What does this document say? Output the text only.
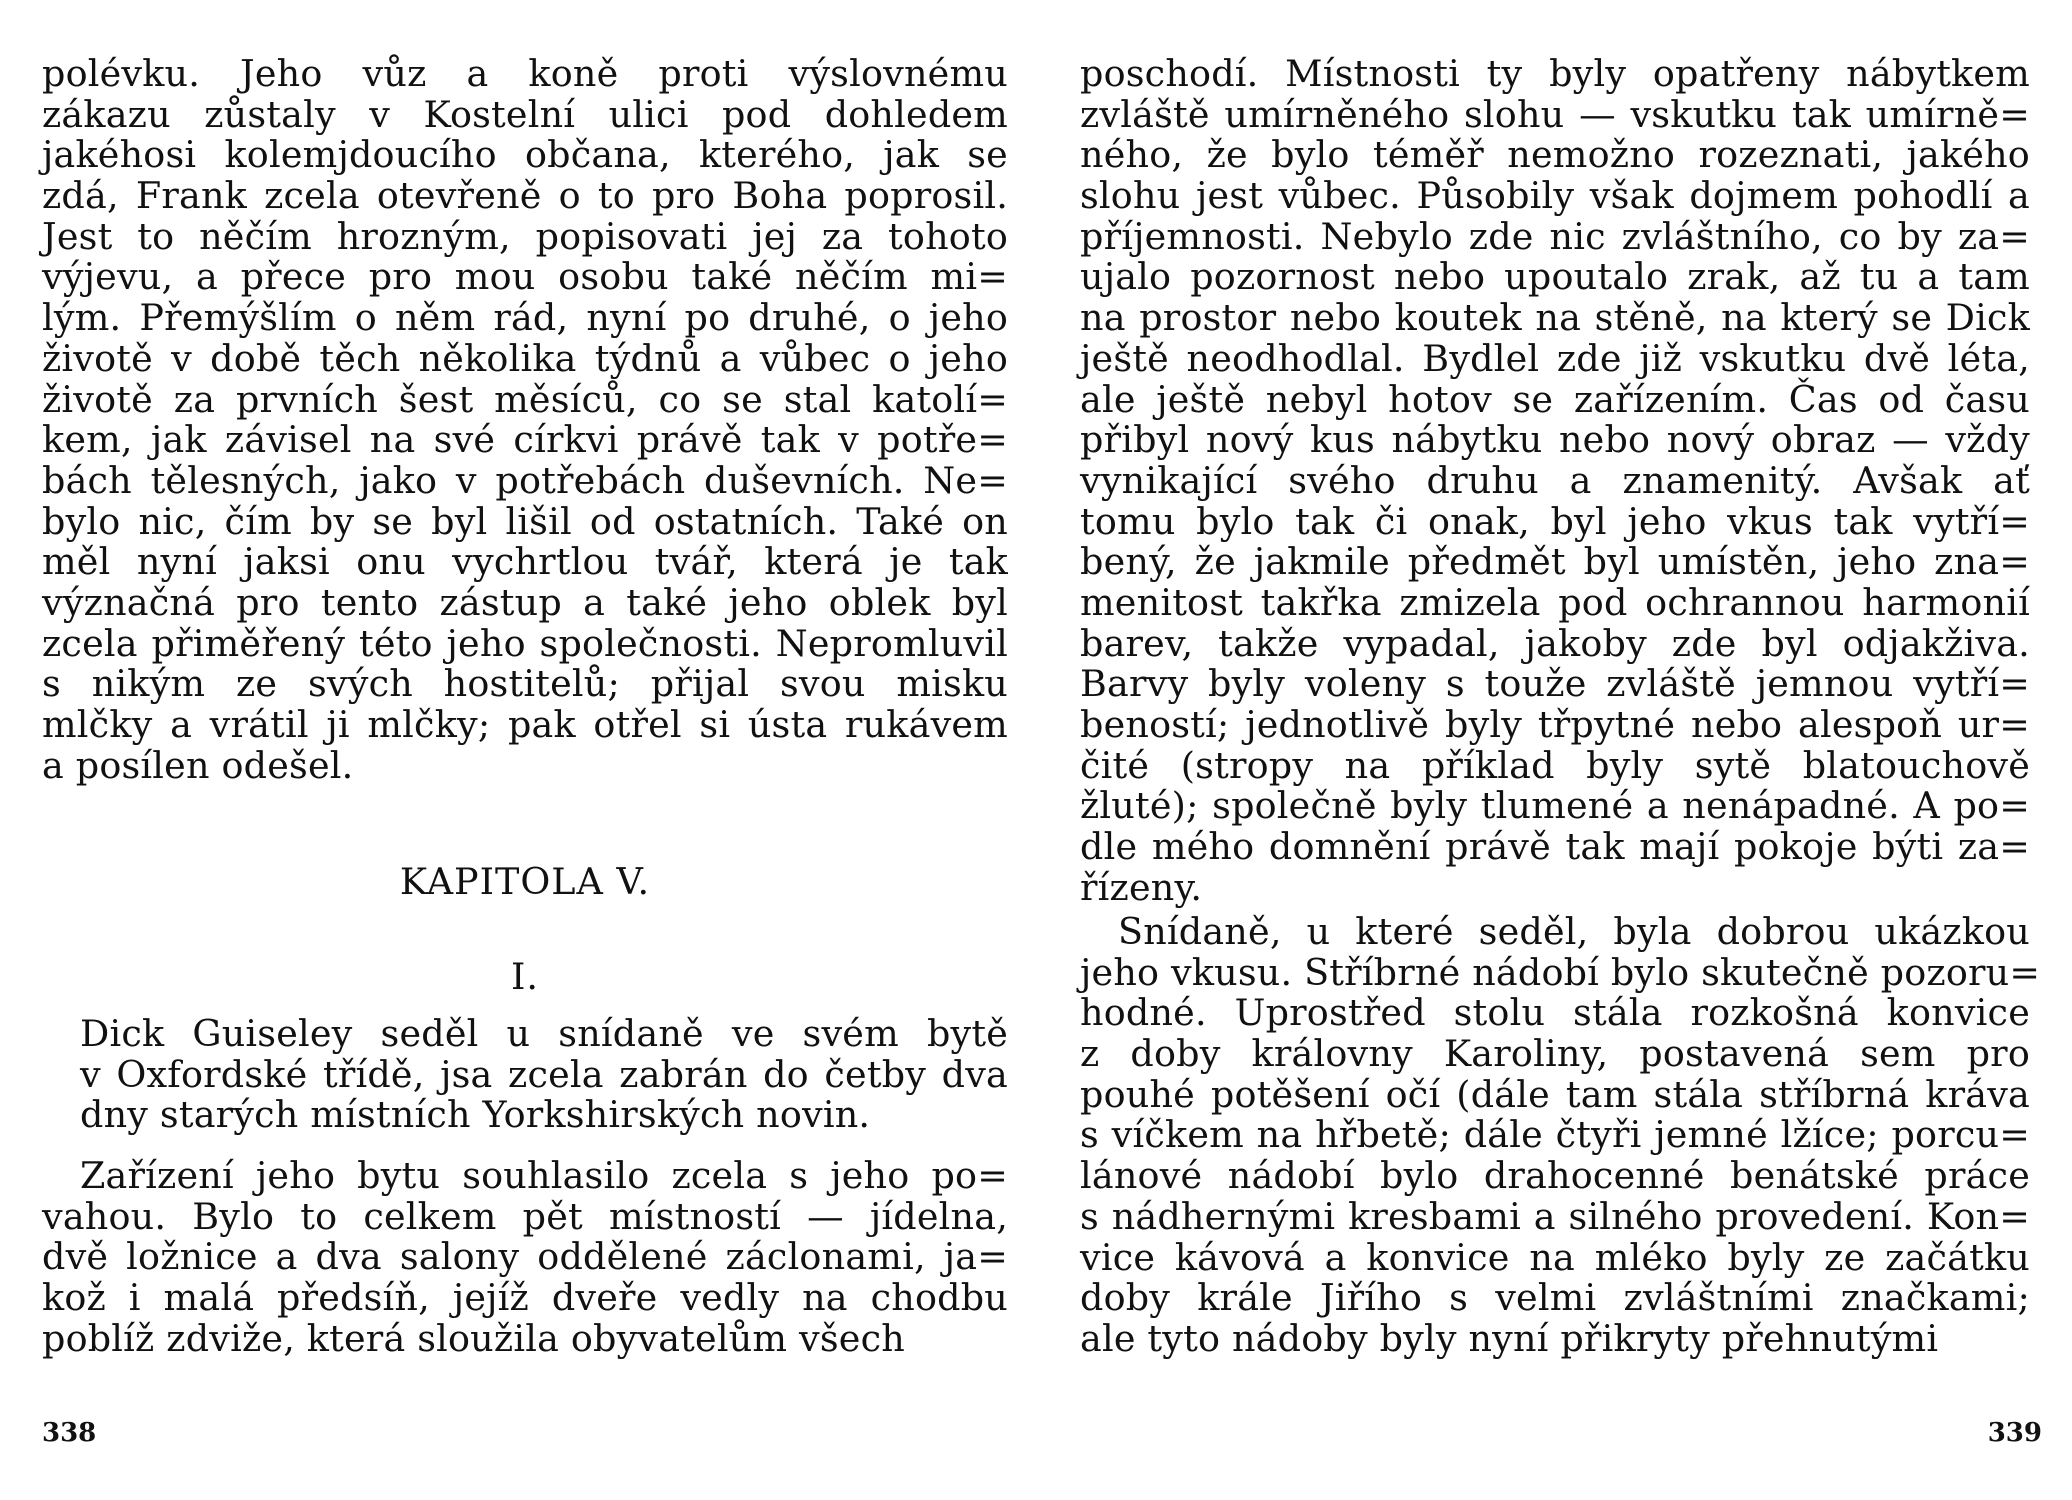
polévku. Jeho vůz a koně proti výslovnému
zákazu zůstaly v Kostelní ulici pod dohledem
jakéhosi kolemjdoucího občana, kterého, jak se
zdá, Frank zcela otevřeně o to pro Boha poprosil.
Jest to něčím hrozným, popisovati jej za tohoto
výjevu, a přece pro mou osobu také něčím mi=
lým. Přemýšlím o něm rád, nyní po druhé, o jeho
životě v době těch několika týdnů a vůbec o jeho
životě za prvních šest měsíců, co se stal katolí=
kem, jak závisel na své církvi právě tak v potře=
bách tělesných, jako v potřebách duševních. Ne=
bylo nic, čím by se byl lišil od ostatních. Také on
měl nyní jaksi onu vychrtlou tvář, která je tak
význačná pro tento zástup a také jeho oblek byl
zcela přiměřený této jeho společnosti. Nepromluvil
s nikým ze svých hostitelů; přijal svou misku
mlčky a vrátil ji mlčky; pak otřel si ústa rukávem
a posílen odešel.
KAPITOLA V.
I.
Dick Guiseley seděl u snídaně ve svém bytě
v Oxfordské třídě, jsa zcela zabrán do četby dva
dny starých místních Yorkshirských novin.
Zařízení jeho bytu souhlasilo zcela s jeho po=
vahou. Bylo to celkem pět místností — jídelna,
dvě ložnice a dva salony oddělené záclonami, ja=
kož i malá předsíň, jejíž dveře vedly na chodbu
poblíž zdviže, která sloužila obyvatelům všech
338
poschodí. Místnosti ty byly opatřeny nábytkem
zvláště umírněného slohu — vskutku tak umírně=
ného, že bylo téměř nemožno rozeznati, jakého
slohu jest vůbec. Působily však dojmem pohodlí a
příjemnosti. Nebylo zde nic zvláštního, co by za=
ujalo pozornost nebo upoutalo zrak, až tu a tam
na prostor nebo koutek na stěně, na který se Dick
ještě neodhodlal. Bydlel zde již vskutku dvě léta,
ale ještě nebyl hotov se zařízením. Čas od času
přibyl nový kus nábytku nebo nový obraz — vždy
vynikající svého druhu a znamenitý. Avšak ať
tomu bylo tak či onak, byl jeho vkus tak vytří=
bený, že jakmile předmět byl umístěn, jeho zna=
menitost takřka zmizela pod ochrannou harmonií
barev, takže vypadal, jakoby zde byl odjakživa.
Barvy byly voleny s touže zvláště jemnou vytří=
beností; jednotlivě byly třpytné nebo alespoň ur=
čité (stropy na příklad byly sytě blatouchově
žluté); společně byly tlumené a nenápadné. A po=
dle mého domnění právě tak mají pokoje býti za=
řízeny.
Snídaně, u které seděl, byla dobrou ukázkou
jeho vkusu. Stříbrné nádobí bylo skutečně pozoru=
hodné. Uprostřed stolu stála rozkošná konvice
z doby královny Karoliny, postavená sem pro
pouhé potěšení očí (dále tam stála stříbrná kráva
s víčkem na hřbetě; dále čtyři jemné lžíce; porcu=
lánové nádobí bylo drahocenné benátské práce
s nádhernými kresbami a silného provedení. Kon=
vice kávová a konvice na mléko byly ze začátku
doby krále Jiřího s velmi zvláštními značkami;
ale tyto nádoby byly nyní přikryty přehnutými
339
